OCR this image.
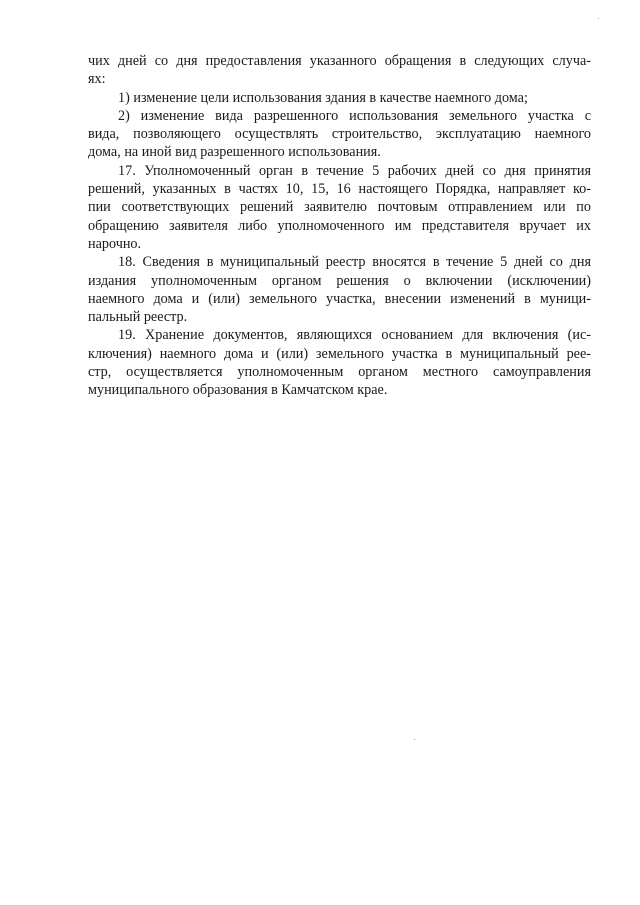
чих дней со дня предоставления указанного обращения в следующих случа-
ях:

1) изменение цели использования здания в качестве наемного дома;

2) изменение вида разрешенного использования земельного участка с
вида, позволяющего осуществлять строительство, эксплуатацию наемного
дома, на иной вид разрешенного использования.

17. Уполномоченный орган в течение 5 рабочих дней со дня принятия
решений, указанных в частях 10, 15, 16 настоящего Порядка, направляет ко-
пии соответствующих решений заявителю почтовым отправлением или по
обращению заявителя либо уполномоченного им представителя вручает их
нарочно.

18. Сведения в муниципальный реестр вносятся в течение 5 дней со дня
издания уполномоченным органом решения о включении (исключении)
наемного дома и (или) земельного участка, внесении изменений в муници-
пальный реестр.

19. Хранение документов, являющихся основанием для включения (ис-
ключения) наемного дома и (или) земельного участка в муниципальный рее-
стр, осуществляется уполномоченным органом местного самоуправления
муниципального образования в Камчатском крае.
